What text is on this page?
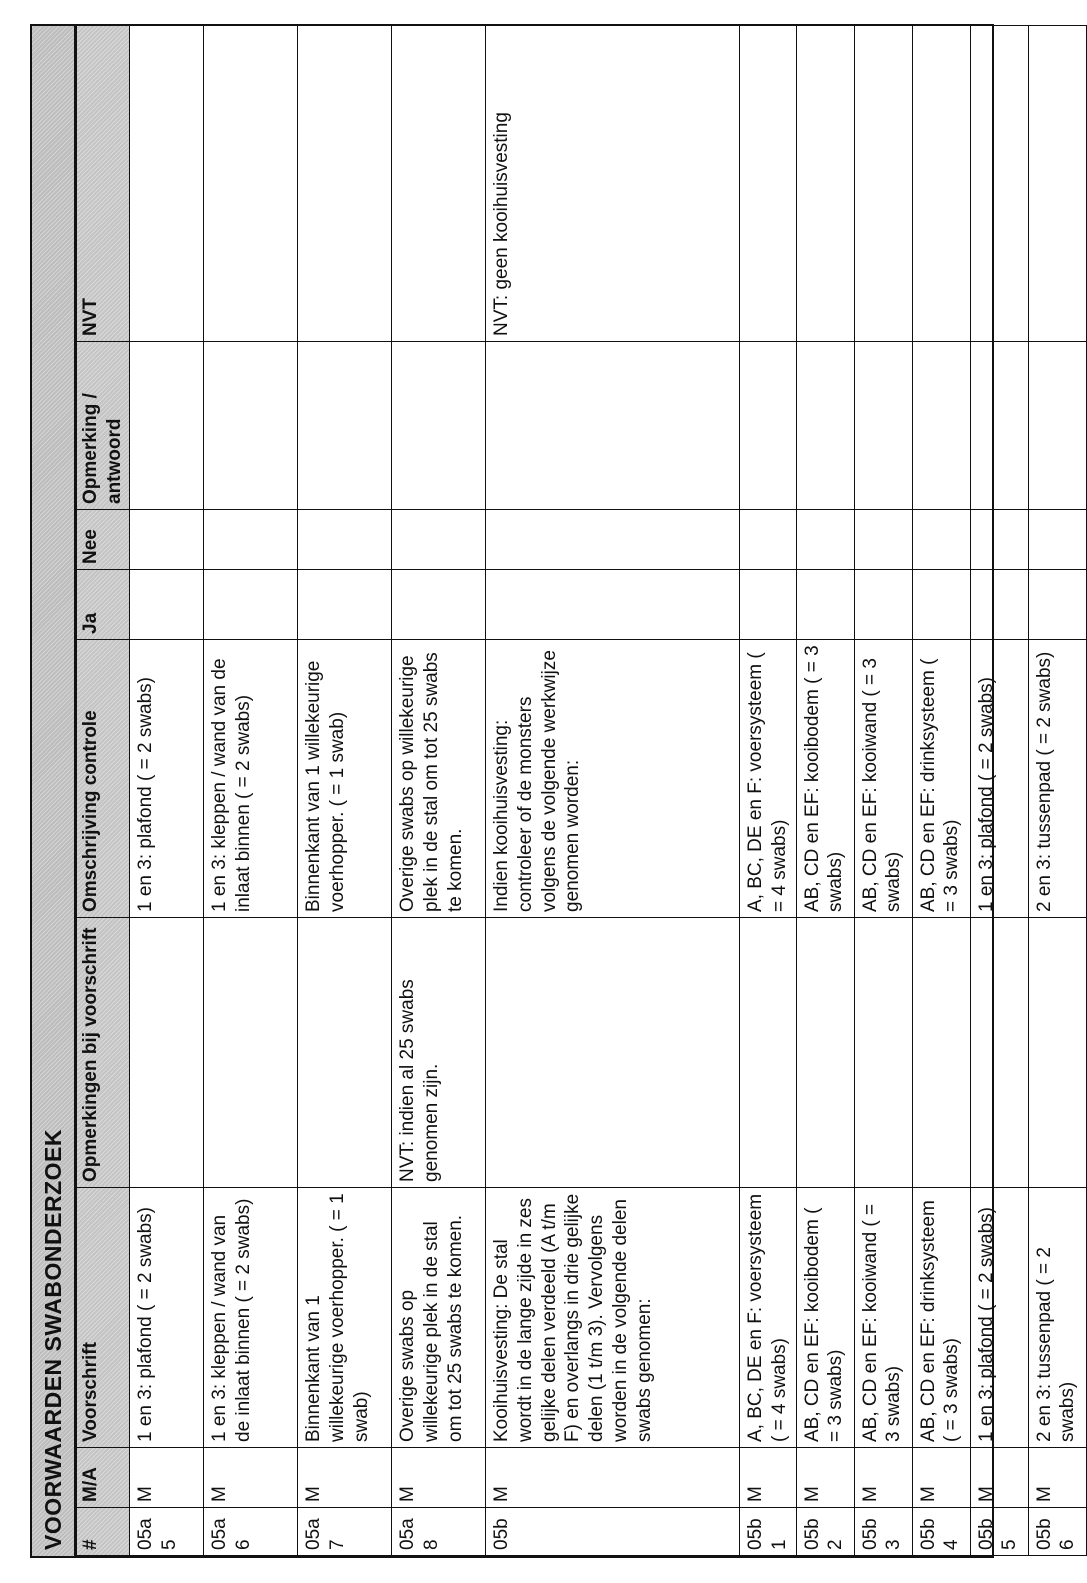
VOORWAARDEN SWABONDERZOEK #	M/A	Voorschrift	Opmerkingen bij voorschrift	Omschrijving controle	Ja	Nee	Opmerking / antwoord	NVT
05a 5	M	1 en 3: plafond ( = 2 swabs)		1 en 3: plafond ( = 2 swabs)				
05a 6	M	1 en 3: kleppen / wand van de inlaat binnen ( = 2 swabs)		1 en 3: kleppen / wand van de inlaat binnen ( = 2 swabs)				
05a 7	M	Binnenkant van 1 willekeurige voerhopper. ( = 1 swab)		Binnenkant van 1 willekeurige voerhopper. ( = 1 swab)				
05a 8	M	Overige swabs op willekeurige plek in de stal om tot 25 swabs te komen.	NVT: indien al 25 swabs genomen zijn.	Overige swabs op willekeurige plek in de stal om tot 25 swabs te komen.				
05b	M	Kooihuisvesting: De stal wordt in de lange zijde in zes gelijke delen verdeeld (A t/m F) en overlangs in drie gelijke delen (1 t/m 3). Vervolgens worden in de volgende delen swabs genomen:		Indien kooihuisvesting: controleer of de monsters volgens de volgende werkwijze genomen worden:				NVT: geen kooihuisvesting
05b 1	M	A, BC, DE en F: voersysteem ( = 4 swabs)		A, BC, DE en F: voersysteem ( = 4 swabs)				
05b 2	M	AB, CD en EF: kooibodem ( = 3 swabs)		AB, CD en EF: kooibodem ( = 3 swabs)				
05b 3	M	AB, CD en EF: kooiwand ( = 3 swabs)		AB, CD en EF: kooiwand ( = 3 swabs)				
05b 4	M	AB, CD en EF: drinksysteem ( = 3 swabs)		AB, CD en EF: drinksysteem ( = 3 swabs)				
05b 5	M	1 en 3: plafond ( = 2 swabs)		1 en 3: plafond ( = 2 swabs)				
05b 6	M	2 en 3: tussenpad ( = 2 swabs)		2 en 3: tussenpad ( = 2 swabs)				
